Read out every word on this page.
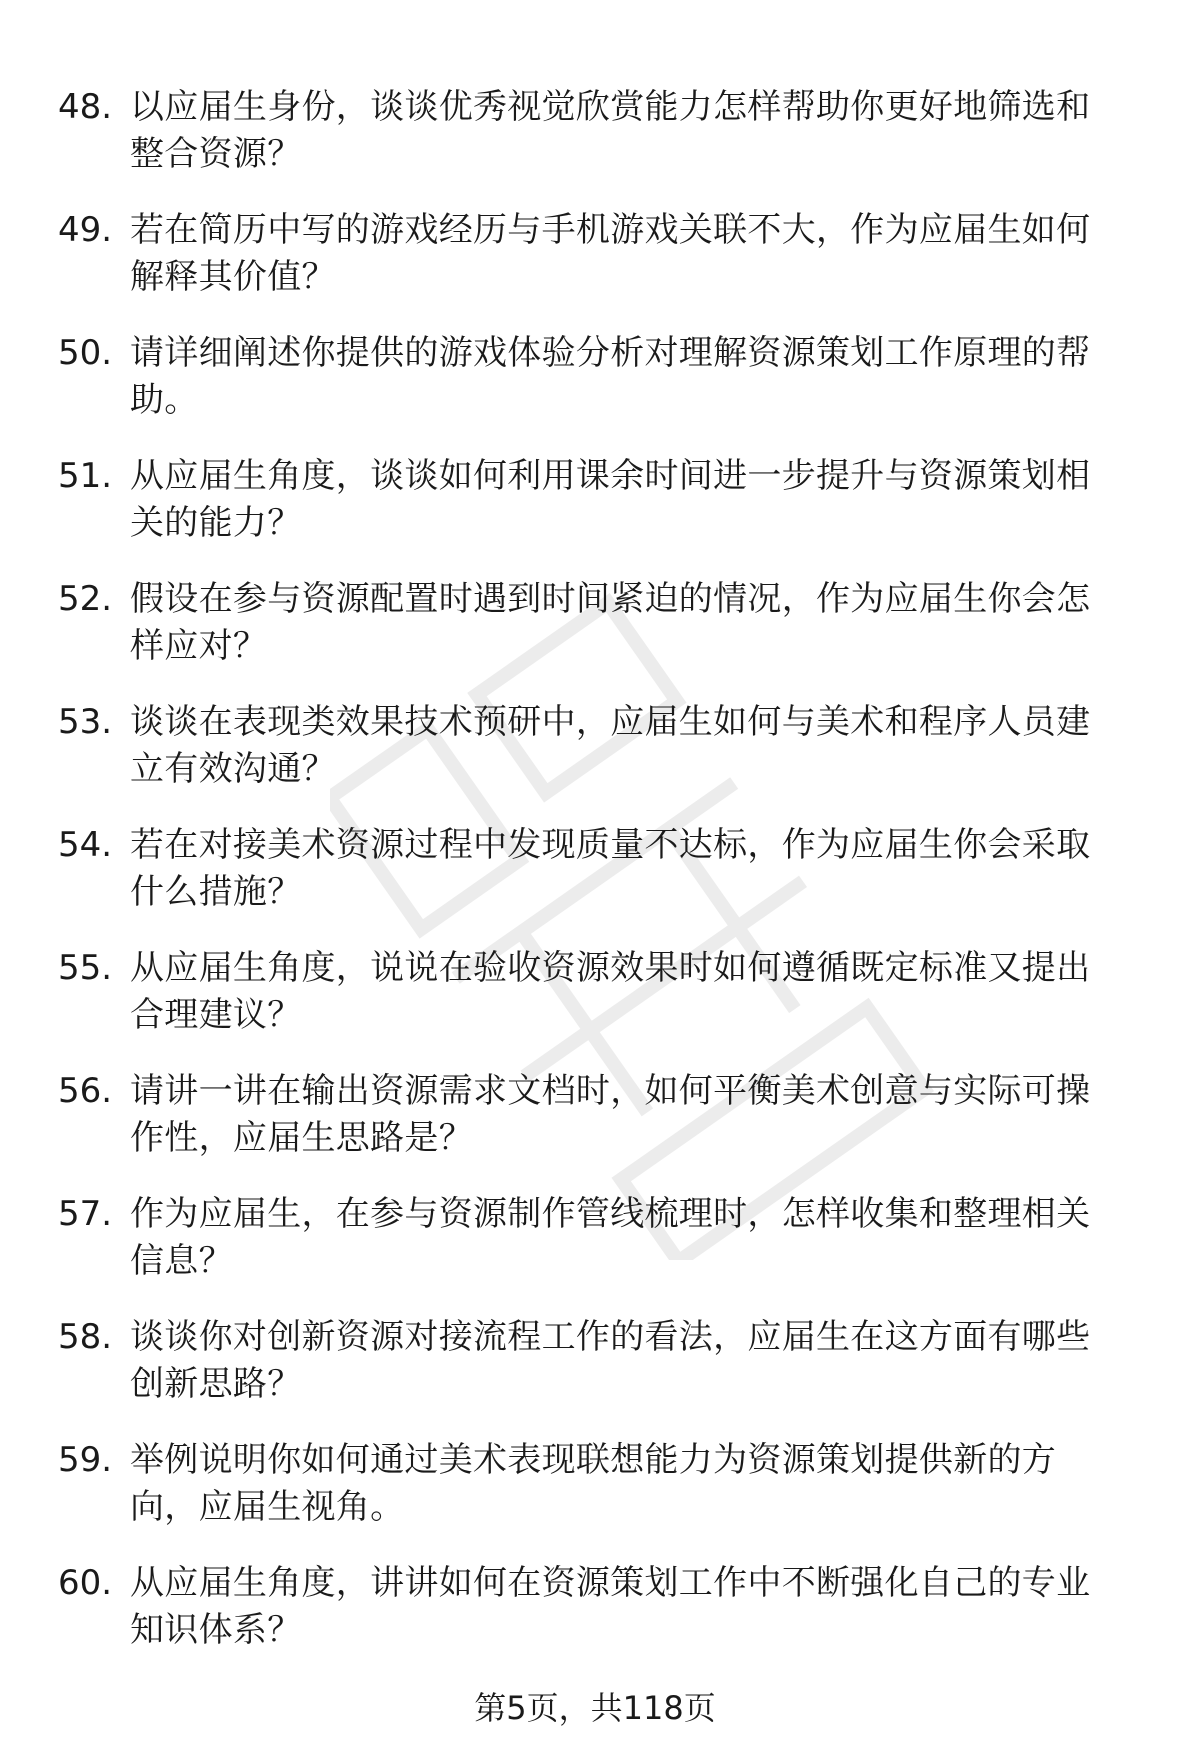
48. 以应届生身份，谈谈优秀视觉欣赏能力怎样帮助你更好地筛选和
整合资源？
49. 若在简历中写的游戏经历与手机游戏关联不大，作为应届生如何
解释其价值？
50. 请详细阐述你提供的游戏体验分析对理解资源策划工作原理的帮
助。
51. 从应届生角度，谈谈如何利用课余时间进一步提升与资源策划相
关的能力？
52. 假设在参与资源配置时遇到时间紧迫的情况，作为应届生你会怎
样应对？
53. 谈谈在表现类效果技术预研中，应届生如何与美术和程序人员建
立有效沟通？
54. 若在对接美术资源过程中发现质量不达标，作为应届生你会采取
什么措施？
55. 从应届生角度，说说在验收资源效果时如何遵循既定标准又提出
合理建议？
56. 请讲一讲在输出资源需求文档时，如何平衡美术创意与实际可操
作性，应届生思路是？
57. 作为应届生，在参与资源制作管线梳理时，怎样收集和整理相关
信息？
58. 谈谈你对创新资源对接流程工作的看法，应届生在这方面有哪些
创新思路？
59. 举例说明你如何通过美术表现联想能力为资源策划提供新的方
向，应届生视角。
60. 从应届生角度，讲讲如何在资源策划工作中不断强化自己的专业
知识体系？
第5页，共118页
